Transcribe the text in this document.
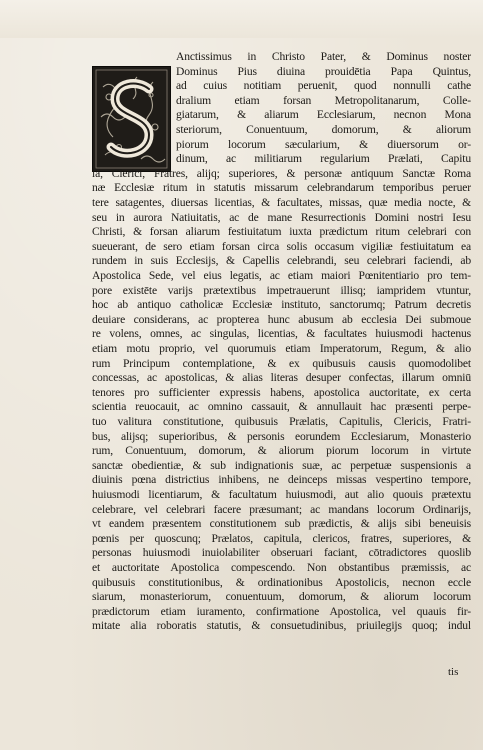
Anctissimus in Christo Pater, & Dominus noster
Dominus Pius diuina prouidētia Papa Quintus,
ad cuius notitiam peruenit, quod nonnulli cathe
dralium etiam forsan Metropolitanarum, Colle-
giatarum, & aliarum Ecclesiarum, necnon Mona
steriorum, Conuentuum, domorum, & aliorum
piorum locorum sæcularium, & diuersorum or-
dinum, ac militiarum regularium Prælati, Capitu
la, Clerici, Fratres, alijq; superiores, & personæ antiquum Sanctæ Roma
næ Ecclesiæ ritum in statutis missarum celebrandarum temporibus peruer
tere satagentes, diuersas licentias, & facultates, missas, quæ media nocte, &
seu in aurora Natiuitatis, ac de mane Resurrectionis Domini nostri Iesu
Christi, & forsan aliarum festiuitatum iuxta prædictum ritum celebrari con
sueuerant, de sero etiam forsan circa solis occasum vigiliæ festiuitatum ea
rundem in suis Ecclesijs, & Capellis celebrandi, seu celebrari faciendi, ab
Apostolica Sede, vel eius legatis, ac etiam maiori Pœnitentiario pro tem-
pore existēte varijs prætextibus impetrauerunt illisq; iampridem vtuntur,
hoc ab antiquo catholicæ Ecclesiæ instituto, sanctorumq; Patrum decretis
deuiare considerans, ac propterea hunc abusum ab ecclesia Dei submoue
re volens, omnes, ac singulas, licentias, & facultates huiusmodi hactenus
etiam motu proprio, vel quorumuis etiam Imperatorum, Regum, & alio
rum Principum contemplatione, & ex quibusuis causis quomodolibet
concessas, ac apostolicas, & alias literas desuper confectas, illarum omniū
tenores pro sufficienter expressis habens, apostolica auctoritate, ex certa
scientia reuocauit, ac omnino cassauit, & annullauit hac præsenti perpe-
tuo valitura constitutione, quibusuis Prælatis, Capitulis, Clericis, Fratri-
bus, alijsq; superioribus, & personis eorundem Ecclesiarum, Monasterio
rum, Conuentuum, domorum, & aliorum piorum locorum in virtute
sanctæ obedientiæ, & sub indignationis suæ, ac perpetuæ suspensionis a
diuinis pœna districtius inhibens, ne deinceps missas vespertino tempore,
huiusmodi licentiarum, & facultatum huiusmodi, aut alio quouis prætextu
celebrare, vel celebrari facere præsumant; ac mandans locorum Ordinarijs,
vt eandem præsentem constitutionem sub prædictis, & alijs sibi beneuisis
pœnis per quoscunq; Prælatos, capitula, clericos, fratres, superiores, &
personas huiusmodi inuiolabiliter obseruari faciant, cōtradictores quoslib
et auctoritate Apostolica compescendo. Non obstantibus præmissis, ac
quibusuis constitutionibus, & ordinationibus Apostolicis, necnon eccle
siarum, monasteriorum, conuentuum, domorum, & aliorum locorum
prædictorum etiam iuramento, confirmatione Apostolica, vel quauis fir-
mitate alia roboratis statutis, & consuetudinibus, priuilegijs quoq; indul
tis
